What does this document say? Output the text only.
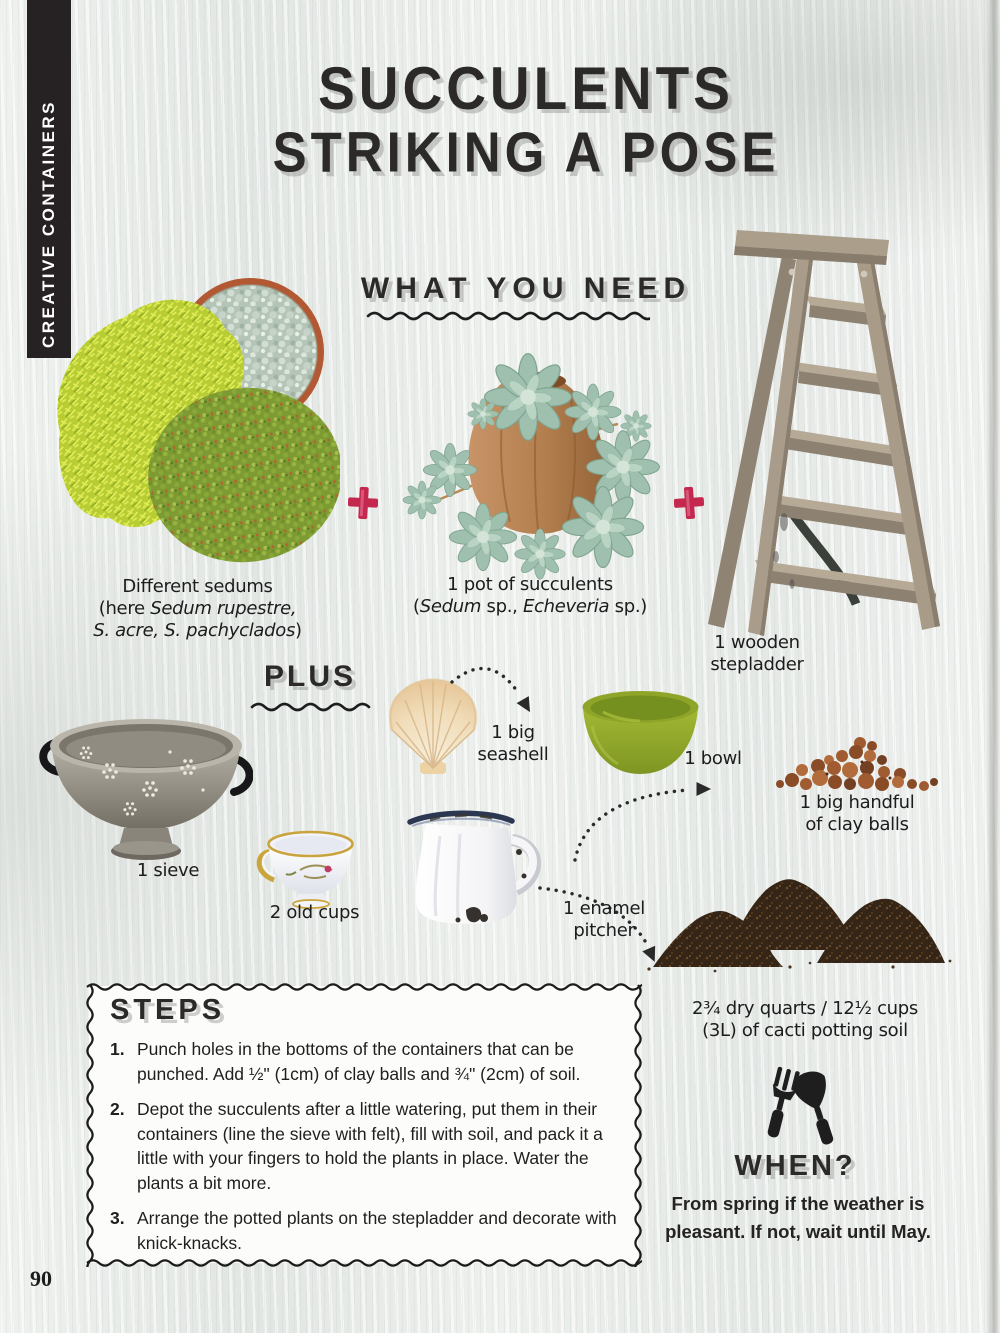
CREATIVE CONTAINERS
SUCCULENTS
STRIKING A POSE
WHAT YOU NEED
Different sedums
(here Sedum rupestre,
S. acre, S. pachyclados)
1 pot of succulents
(Sedum sp., Echeveria sp.)
1 wooden
stepladder
PLUS
1 sieve
1 big
seashell	1 bowl
1 big handful
of clay balls
2 old cups	1 enamel
pitcher
2¾ dry quarts / 12½ cups
(3L) of cacti potting soil
STEPS
1. Punch holes in the bottoms of the containers that can be punched. Add ½" (1cm) of clay balls and ¾" (2cm) of soil.
2. Depot the succulents after a little watering, put them in their containers (line the sieve with felt), fill with soil, and pack it a little with your fingers to hold the plants in place. Water the plants a bit more.
3. Arrange the potted plants on the stepladder and decorate with knick-knacks.
WHEN?
From spring if the weather is pleasant. If not, wait until May.
90
